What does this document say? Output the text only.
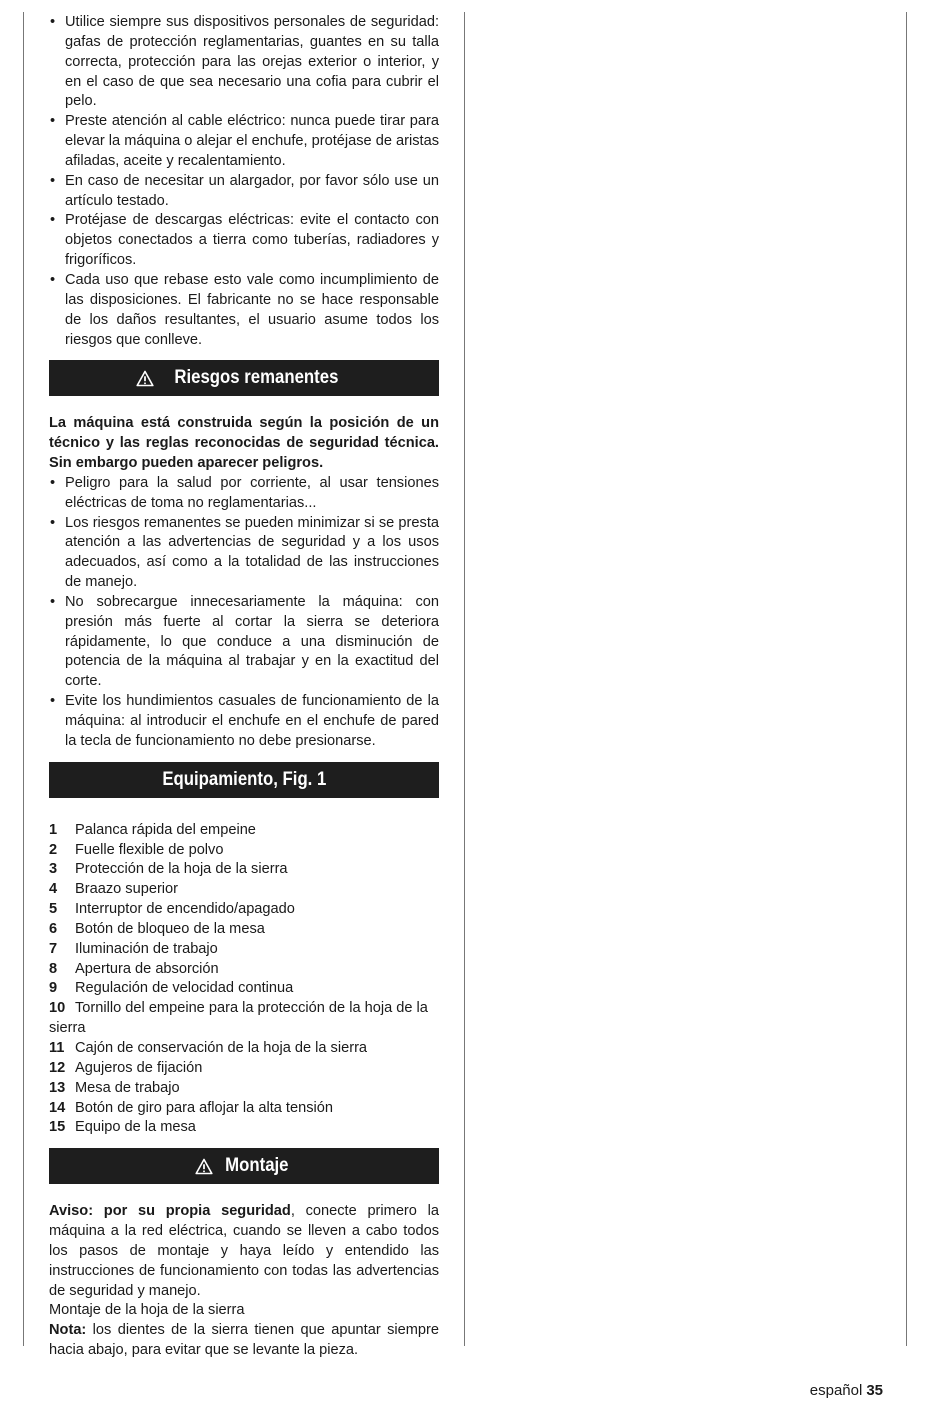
• Utilice siempre sus dispositivos personales de seguridad: gafas de protección reglamentarias, guantes en su talla correcta, protección para las orejas exterior o interior, y en el caso de que sea necesario una cofia para cubrir el pelo.
• Preste atención al cable eléctrico: nunca puede tirar para elevar la máquina o alejar el enchufe, protéjase de aristas afiladas, aceite y recalentamiento.
• En caso de necesitar un alargador, por favor sólo use un artículo testado.
• Protéjase de descargas eléctricas: evite el contacto con objetos conectados a tierra como tuberías, radiadores y frigoríficos.
• Cada uso que rebase esto vale como incumplimiento de las disposiciones. El fabricante no se hace responsable de los daños resultantes, el usuario asume todos los riesgos que conlleve.
Riesgos remanentes
La máquina está construida según la posición de un técnico y las reglas reconocidas de seguridad técnica. Sin embargo pueden aparecer peligros.
• Peligro para la salud por corriente, al usar tensiones eléctricas de toma no reglamentarias...
• Los riesgos remanentes se pueden minimizar si se presta atención a las advertencias de seguridad y a los usos adecuados, así como a la totalidad de las instrucciones de manejo.
• No sobrecargue innecesariamente la máquina: con presión más fuerte al cortar la sierra se deteriora rápidamente, lo que conduce a una disminución de potencia de la máquina al trabajar y en la exactitud del corte.
• Evite los hundimientos casuales de funcionamiento de la máquina: al introducir el enchufe en el enchufe de pared la tecla de funcionamiento no debe presionarse.
Equipamiento, Fig. 1
1 Palanca rápida del empeine
2 Fuelle flexible de polvo
3 Protección de la hoja de la sierra
4 Braazo superior
5 Interruptor de encendido/apagado
6 Botón de bloqueo de la mesa
7 Iluminación de trabajo
8 Apertura de absorción
9 Regulación de velocidad continua
10 Tornillo del empeine para la protección de la hoja de la sierra
11 Cajón de conservación de la hoja de la sierra
12 Agujeros de fijación
13 Mesa de trabajo
14 Botón de giro para aflojar la alta tensión
15 Equipo de la mesa
Montaje

Aviso: por su propia seguridad, conecte primero la máquina a la red eléctrica, cuando se lleven a cabo todos los pasos de montaje y haya leído y entendido las instrucciones de funcionamiento con todas las advertencias de seguridad y manejo.

Montaje de la hoja de la sierra

Nota: los dientes de la sierra tienen que apuntar siempre hacia abajo, para evitar que se levante la pieza.

español 35
